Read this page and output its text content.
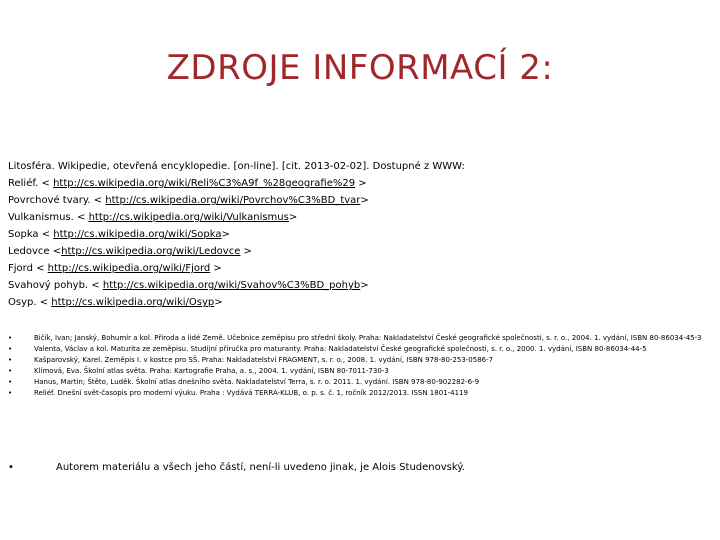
ZDROJE INFORMACÍ 2:
Litosféra. Wikipedie, otevřená encyklopedie. [on-line]. [cit. 2013-02-02]. Dostupné z WWW:
Reliéf. < http://cs.wikipedia.org/wiki/Reli%C3%A9f_%28geografie%29 >
Povrchové tvary. < http://cs.wikipedia.org/wiki/Povrchov%C3%BD_tvar>
Vulkanismus. < http://cs.wikipedia.org/wiki/Vulkanismus>
Sopka < http://cs.wikipedia.org/wiki/Sopka>
Ledovce <http://cs.wikipedia.org/wiki/Ledovce >
Fjord < http://cs.wikipedia.org/wiki/Fjord >
Svahový pohyb. < http://cs.wikipedia.org/wiki/Svahov%C3%BD_pohyb>
Osyp. < http://cs.wikipedia.org/wiki/Osyp>
•	Bičík, Ivan; Janský, Bohumír a kol. Příroda a lidé Země. Učebnice zeměpisu pro střední školy. Praha: Nakladatelství České geografické společnosti, s. r. o., 2004. 1. vydání, ISBN 80-86034-45-3
•	Valenta, Václav a kol. Maturita ze zeměpisu. Studijní příručka pro maturanty. Praha: Nakladatelství České geografické společnosti, s. r. o., 2000. 1. vydání, ISBN 80-86034-44-5
•	Kašparovský, Karel. Zeměpis I. v kostce pro SŠ. Praha: Nakladatelství FRAGMENT, s. r. o., 2008. 1. vydání, ISBN 978-80-253-0586-7
•	Klímová, Eva. Školní atlas světa. Praha: Kartografie Praha, a. s., 2004. 1. vydání, ISBN 80-7011-730-3
•	Hanus, Martin; Štěto, Luděk. Školní atlas dnešního světa. Nakladatelství Terra, s. r. o. 2011. 1. vydání. ISBN 978-80-902282-6-9
•	Reliéf. Dnešní svět-časopis pro moderní výuku. Praha : Vydává TERRA-KLUB, o. p. s. č. 1, ročník 2012/2013. ISSN 1801-4119
•	Autorem materiálu a všech jeho částí, není-li uvedeno jinak, je Alois Studenovský.
